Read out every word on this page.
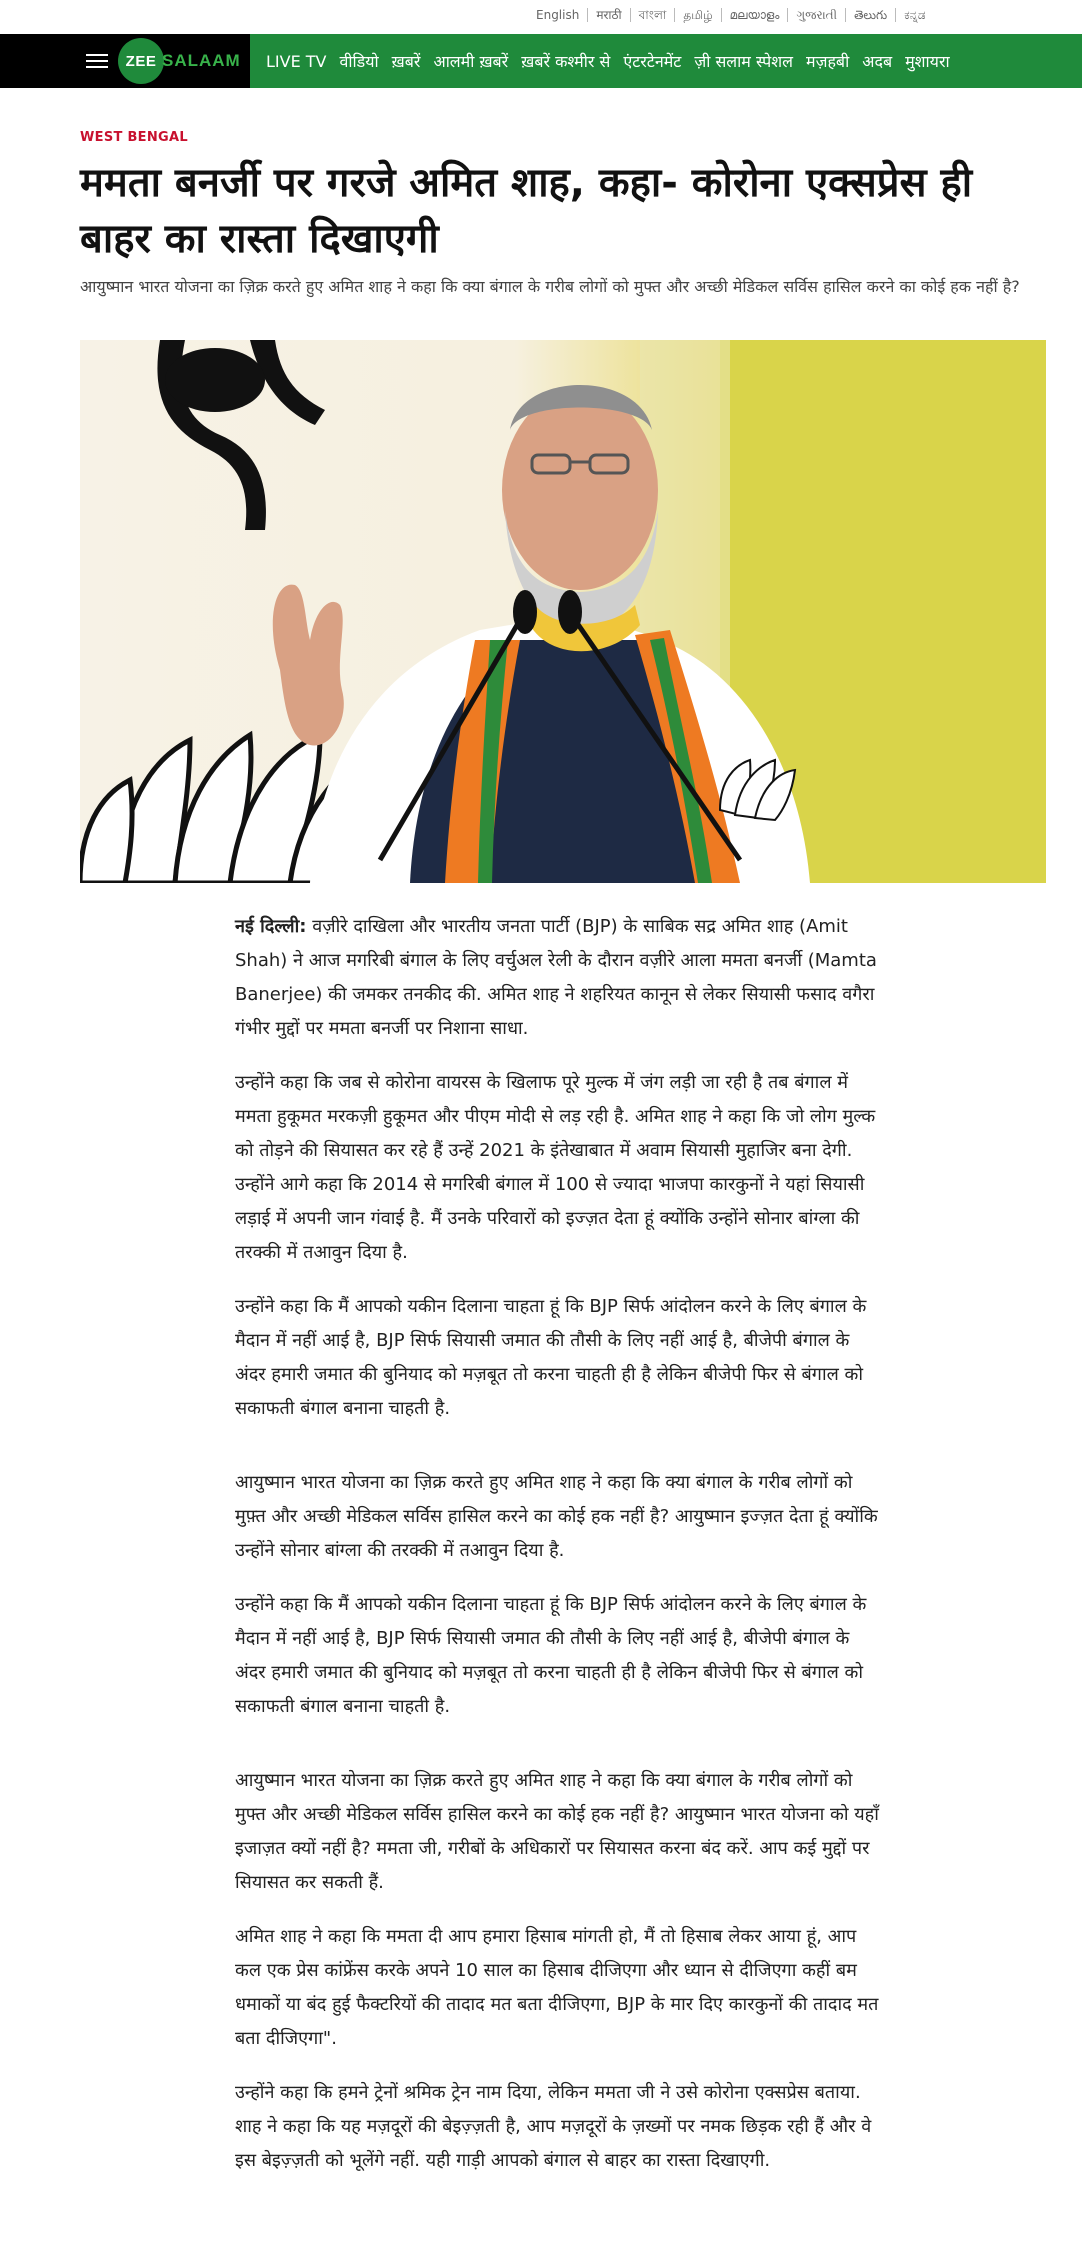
English	मराठी	বাংলা	தமிழ்	മലയാളം	ગુજરાતી	తెలుగు	ಕನ್ನಡ
ZEE SALAAM LIVE TV वीडियो ख़बरें आलमी ख़बरें ख़बरें कश्मीर से एंटरटेनमेंट ज़ी सलाम स्पेशल मज़हबी अदब मुशायरा
WEST BENGAL
ममता बनर्जी पर गरजे अमित शाह, कहा- कोरोना एक्सप्रेस ही बाहर का रास्ता दिखाएगी
आयुष्मान भारत योजना का ज़िक्र करते हुए अमित शाह ने कहा कि क्या बंगाल के गरीब लोगों को मुफ्त और अच्छी मेडिकल सर्विस हासिल करने का कोई हक नहीं है?

नई दिल्ली: वज़ीरे दाखिला और भारतीय जनता पार्टी (BJP) के साबिक सद्र अमित शाह (Amit Shah) ने आज मगरिबी बंगाल के लिए वर्चुअल रेली के दौरान वज़ीरे आला ममता बनर्जी (Mamta Banerjee) की जमकर तनकीद की. अमित शाह ने शहरियत कानून से लेकर सियासी फसाद वगैरा गंभीर मुद्दों पर ममता बनर्जी पर निशाना साधा.

उन्होंने कहा कि जब से कोरोना वायरस के खिलाफ पूरे मुल्क में जंग लड़ी जा रही है तब बंगाल में ममता हुकूमत मरकज़ी हुकूमत और पीएम मोदी से लड़ रही है. अमित शाह ने कहा कि जो लोग मुल्क को तोड़ने की सियासत कर रहे हैं उन्हें 2021 के इंतेखाबात में अवाम सियासी मुहाजिर बना देगी. उन्होंने आगे कहा कि 2014 से मगरिबी बंगाल में 100 से ज्यादा भाजपा कारकुनों ने यहां सियासी लड़ाई में अपनी जान गंवाई है. मैं उनके परिवारों को इज्ज़त देता हूं क्योंकि उन्होंने सोनार बांग्ला की तरक्की में तआवुन दिया है.

उन्होंने कहा कि मैं आपको यकीन दिलाना चाहता हूं कि BJP सिर्फ आंदोलन करने के लिए बंगाल के मैदान में नहीं आई है, BJP सिर्फ सियासी जमात की तौसी के लिए नहीं आई है, बीजेपी बंगाल के अंदर हमारी जमात की बुनियाद को मज़बूत तो करना चाहती ही है लेकिन बीजेपी फिर से बंगाल को सकाफती बंगाल बनाना चाहती है.

आयुष्मान भारत योजना का ज़िक्र करते हुए अमित शाह ने कहा कि क्या बंगाल के गरीब लोगों को मुफ़्त और अच्छी मेडिकल सर्विस हासिल करने का कोई हक नहीं है? आयुष्मान इज्ज़त देता हूं क्योंकि उन्होंने सोनार बांग्ला की तरक्की में तआवुन दिया है.

उन्होंने कहा कि मैं आपको यकीन दिलाना चाहता हूं कि BJP सिर्फ आंदोलन करने के लिए बंगाल के मैदान में नहीं आई है, BJP सिर्फ सियासी जमात की तौसी के लिए नहीं आई है, बीजेपी बंगाल के अंदर हमारी जमात की बुनियाद को मज़बूत तो करना चाहती ही है लेकिन बीजेपी फिर से बंगाल को सकाफती बंगाल बनाना चाहती है.

आयुष्मान भारत योजना का ज़िक्र करते हुए अमित शाह ने कहा कि क्या बंगाल के गरीब लोगों को मुफ्त और अच्छी मेडिकल सर्विस हासिल करने का कोई हक नहीं है? आयुष्मान भारत योजना को यहाँ इजाज़त क्यों नहीं है? ममता जी, गरीबों के अधिकारों पर सियासत करना बंद करें. आप कई मुद्दों पर सियासत कर सकती हैं.

अमित शाह ने कहा कि ममता दी आप हमारा हिसाब मांगती हो, मैं तो हिसाब लेकर आया हूं, आप कल एक प्रेस कांफ्रेंस करके अपने 10 साल का हिसाब दीजिएगा और ध्यान से दीजिएगा कहीं बम धमाकों या बंद हुई फैक्टरियों की तादाद मत बता दीजिएगा, BJP के मार दिए कारकुनों की तादाद मत बता दीजिएगा".

उन्होंने कहा कि हमने ट्रेनों श्रमिक ट्रेन नाम दिया, लेकिन ममता जी ने उसे कोरोना एक्सप्रेस बताया. शाह ने कहा कि यह मज़दूरों की बेइज़्ज़ती है, आप मज़दूरों के ज़ख्मों पर नमक छिड़क रही हैं और वे इस बेइज़्ज़ती को भूलेंगे नहीं. यही गाड़ी आपको बंगाल से बाहर का रास्ता दिखाएगी.
